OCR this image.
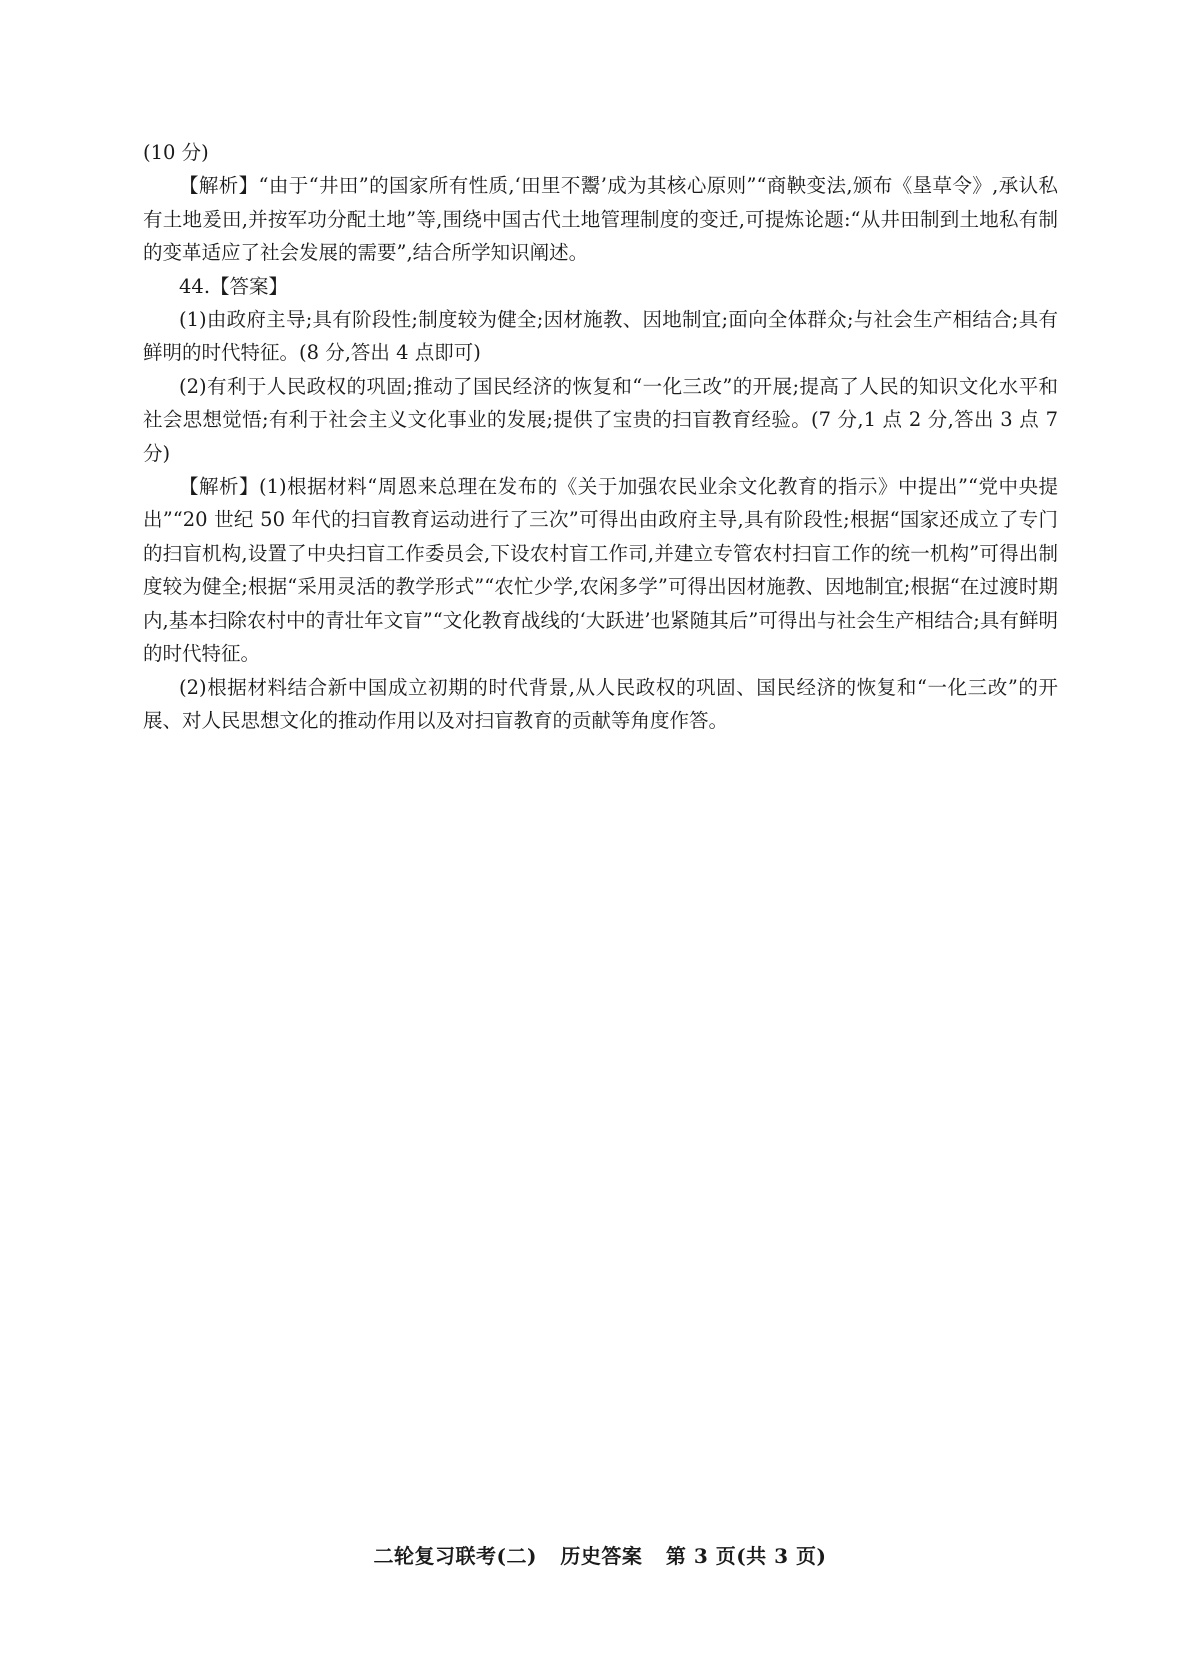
(10 分)

【解析】“由于“井田”的国家所有性质,‘田里不鬻’成为其核心原则”“商鞅变法,颁布《垦草令》,承认私有土地爰田,并按军功分配土地”等,围绕中国古代土地管理制度的变迁,可提炼论题:“从井田制到土地私有制的变革适应了社会发展的需要”,结合所学知识阐述。

44.【答案】

(1)由政府主导;具有阶段性;制度较为健全;因材施教、因地制宜;面向全体群众;与社会生产相结合;具有鲜明的时代特征。(8 分,答出 4 点即可)

(2)有利于人民政权的巩固;推动了国民经济的恢复和“一化三改”的开展;提高了人民的知识文化水平和社会思想觉悟;有利于社会主义文化事业的发展;提供了宝贵的扫盲教育经验。(7 分,1 点 2 分,答出 3 点 7 分)

【解析】(1)根据材料“周恩来总理在发布的《关于加强农民业余文化教育的指示》中提出”“党中央提出”“20 世纪 50 年代的扫盲教育运动进行了三次”可得出由政府主导,具有阶段性;根据“国家还成立了专门的扫盲机构,设置了中央扫盲工作委员会,下设农村盲工作司,并建立专管农村扫盲工作的统一机构”可得出制度较为健全;根据“采用灵活的教学形式”“农忙少学,农闲多学”可得出因材施教、因地制宜;根据“在过渡时期内,基本扫除农村中的青壮年文盲”“文化教育战线的‘大跃进’也紧随其后”可得出与社会生产相结合;具有鲜明的时代特征。

(2)根据材料结合新中国成立初期的时代背景,从人民政权的巩固、国民经济的恢复和“一化三改”的开展、对人民思想文化的推动作用以及对扫盲教育的贡献等角度作答。

二轮复习联考(二) 历史答案 第 3 页(共 3 页)
